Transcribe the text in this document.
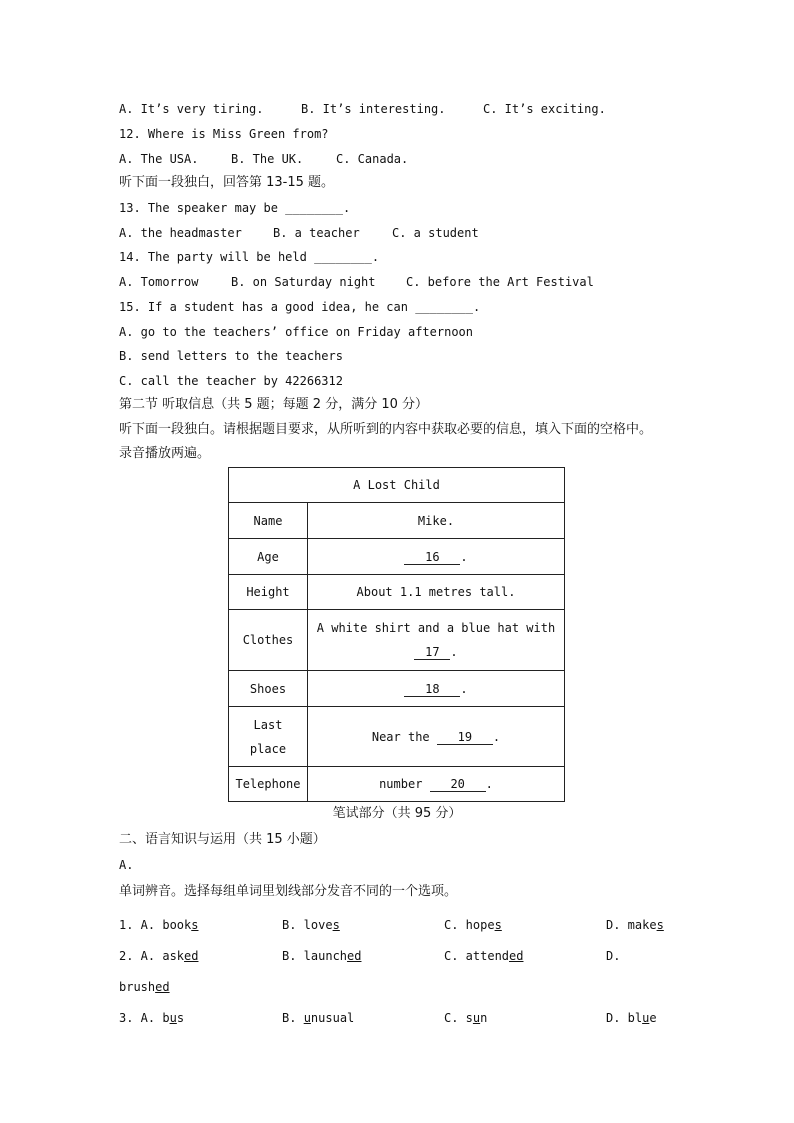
A. It’s very tiring.	B. It’s interesting.	C. It’s exciting.
12. Where is Miss Green from?
A. The USA.	B. The UK.	C. Canada.
听下面一段独白，回答第 13-15 题。
13. The speaker may be ________.
A. the headmaster	B. a teacher	C. a student
14. The party will be held ________.
A. Tomorrow	B. on Saturday night	C. before the Art Festival
15. If a student has a good idea, he can ________.
A. go to the teachers’ office on Friday afternoon
B. send letters to the teachers
C. call the teacher by 42266312
第二节 听取信息（共 5 题；每题 2 分，满分 10 分）
听下面一段独白。请根据题目要求，从所听到的内容中获取必要的信息，填入下面的空格中。
录音播放两遍。
A Lost Child	
Name	Mike.
Age	16 .
Height	About 1.1 metres tall.
Clothes	A white shirt and a blue hat with
17 .

Shoes	18 .

Last
place	Near the 19 .
Telephone	number 20 .
笔试部分（共 95 分）
二、语言知识与运用（共 15 小题）
A.
单词辨音。选择每组单词里划线部分发音不同的一个选项。
1. A. books	B. loves	C. hopes	D. makes
2. A. asked	B. launched	C. attended	D.
brushed
3. A. bus	B. unusual	C. sun	D. blue
